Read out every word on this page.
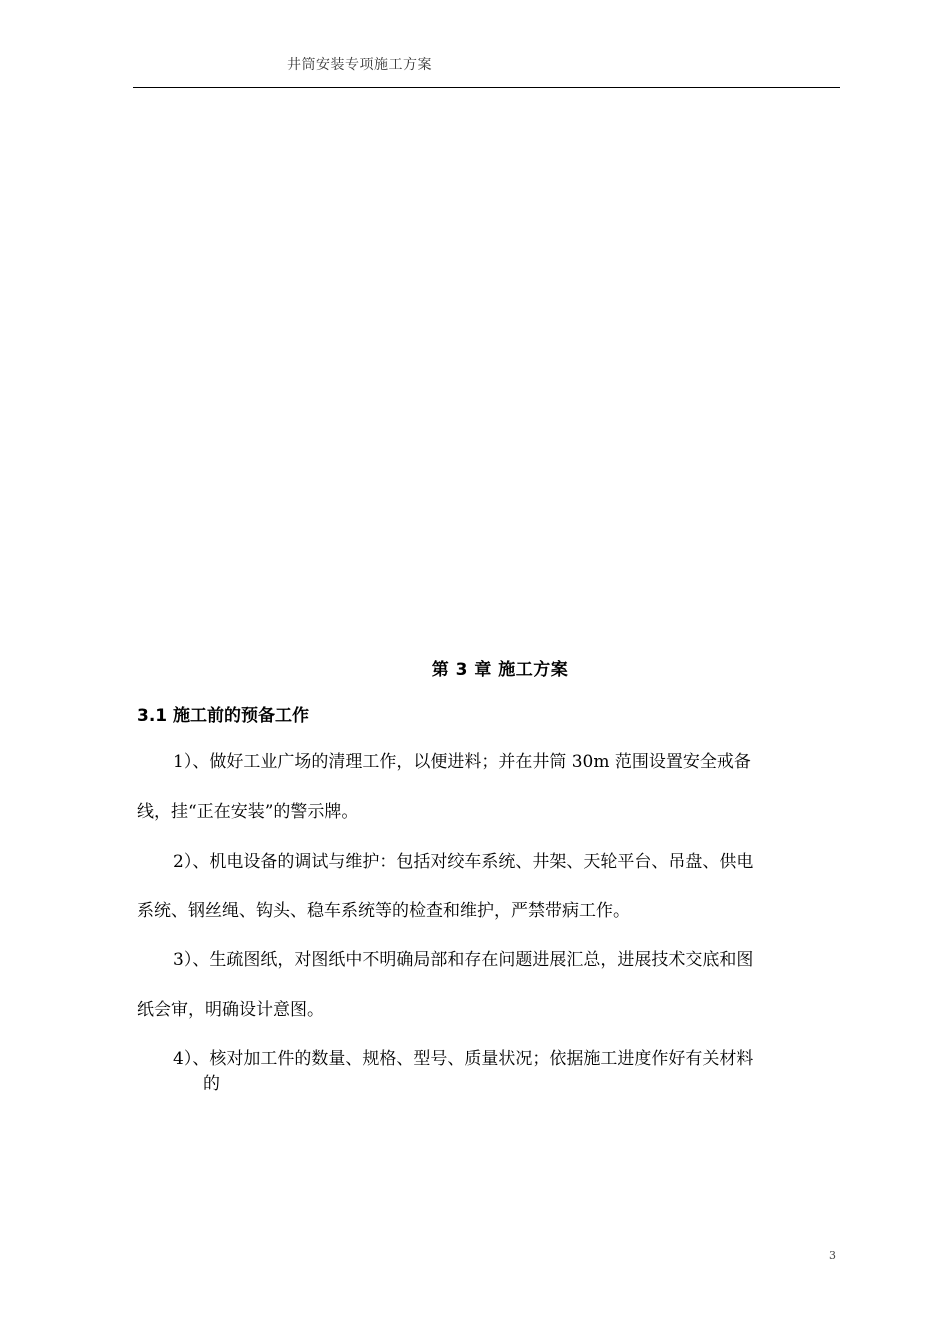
井筒安装专项施工方案
第 3 章 施工方案
3.1 施工前的预备工作
1）、做好工业广场的清理工作，以便进料；并在井筒 30m 范围设置安全戒备
线，挂“正在安装”的警示牌。
2）、机电设备的调试与维护：包括对绞车系统、井架、天轮平台、吊盘、供电
系统、钢丝绳、钩头、稳车系统等的检查和维护，严禁带病工作。
3）、生疏图纸，对图纸中不明确局部和存在问题进展汇总，进展技术交底和图
纸会审，明确设计意图。
4）、核对加工件的数量、规格、型号、质量状况；依据施工进度作好有关材料
的
3
